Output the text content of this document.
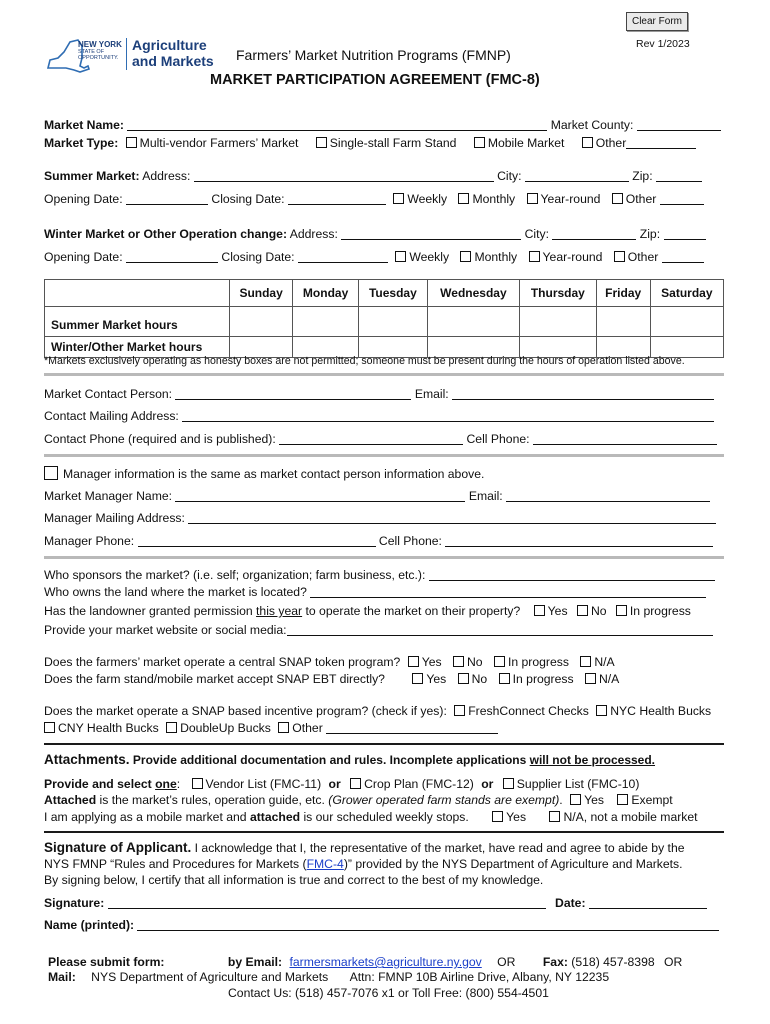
Clear Form
Rev 1/2023
NEW YORK
STATE OF
OPPORTUNITY.
Agriculture
and Markets Farmers’ Market Nutrition Programs (FMNP)
MARKET PARTICIPATION AGREEMENT (FMC-8)
Market Name:	Market County:
Market Type: Multi-vendor Farmers’ Market	Single-stall Farm Stand	Mobile Market	Other
Summer Market: Address:	City:	Zip:
Opening Date:	Closing Date:	Weekly Monthly Year-round Other
Winter Market or Other Operation change: Address:	City:	Zip:
Opening Date:	Closing Date:	Weekly Monthly Year-round Other
	Sunday	Monday	Tuesday	Wednesday	Thursday	Friday	Saturday
Summer Market hours							
Winter/Other Market hours							
*Markets exclusively operating as honesty boxes are not permitted; someone must be present during the hours of operation listed above.
Market Contact Person:	Email:
Contact Mailing Address:
Contact Phone (required and is published):	Cell Phone:
Manager information is the same as market contact person information above.
Market Manager Name:	Email:
Manager Mailing Address:
Manager Phone:	Cell Phone:
Who sponsors the market? (i.e. self; organization; farm business, etc.):
Who owns the land where the market is located?
Has the landowner granted permission this year to operate the market on their property? Yes No In progress
Provide your market website or social media:
Does the farmers’ market operate a central SNAP token program? Yes No In progress N/A
Does the farm stand/mobile market accept SNAP EBT directly?	Yes No In progress N/A
Does the market operate a SNAP based incentive program? (check if yes): FreshConnect Checks NYC Health Bucks
CNY Health Bucks DoubleUp Bucks Other
Attachments. Provide additional documentation and rules. Incomplete applications will not be processed.
Provide and select one: Vendor List (FMC-11) or Crop Plan (FMC-12) or Supplier List (FMC-10)
Attached is the market’s rules, operation guide, etc. (Grower operated farm stands are exempt). Yes Exempt
I am applying as a mobile market and attached is our scheduled weekly stops.	Yes	N/A, not a mobile market
Signature of Applicant. I acknowledge that I, the representative of the market, have read and agree to abide by the
NYS FMNP “Rules and Procedures for Markets (FMC-4)” provided by the NYS Department of Agriculture and Markets.
By signing below, I certify that all information is true and correct to the best of my knowledge.
Signature:	Date:
Name (printed):
Please submit form:	by Email: farmersmarkets@agriculture.ny.gov OR Fax: (518) 457-8398 OR
Mail: NYS Department of Agriculture and Markets Attn: FMNP 10B Airline Drive, Albany, NY 12235
Contact Us: (518) 457-7076 x1 or Toll Free: (800) 554-4501
